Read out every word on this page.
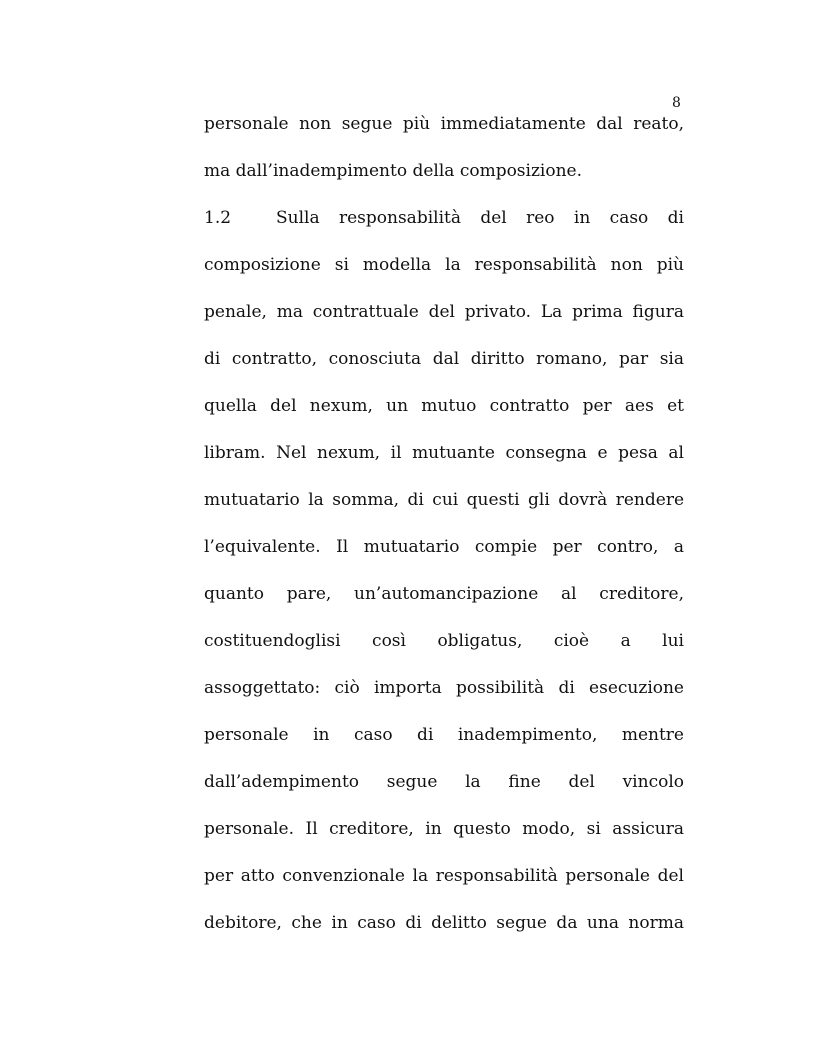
8
personale non segue più immediatamente dal reato,
ma dall’inadempimento della composizione.
1.2	Sulla responsabilità del reo in caso di
composizione si modella la responsabilità non più
penale, ma contrattuale del privato. La prima figura
di contratto, conosciuta dal diritto romano, par sia
quella del nexum, un mutuo contratto per aes et
libram. Nel nexum, il mutuante consegna e pesa al
mutuatario la somma, di cui questi gli dovrà rendere
l’equivalente. Il mutuatario compie per contro, a
quanto pare, un’automancipazione al creditore,
costituendoglisi così obligatus, cioè a lui
assoggettato: ciò importa possibilità di esecuzione
personale in caso di inadempimento, mentre
dall’adempimento segue la fine del vincolo
personale. Il creditore, in questo modo, si assicura
per atto convenzionale la responsabilità personale del
debitore, che in caso di delitto segue da una norma
